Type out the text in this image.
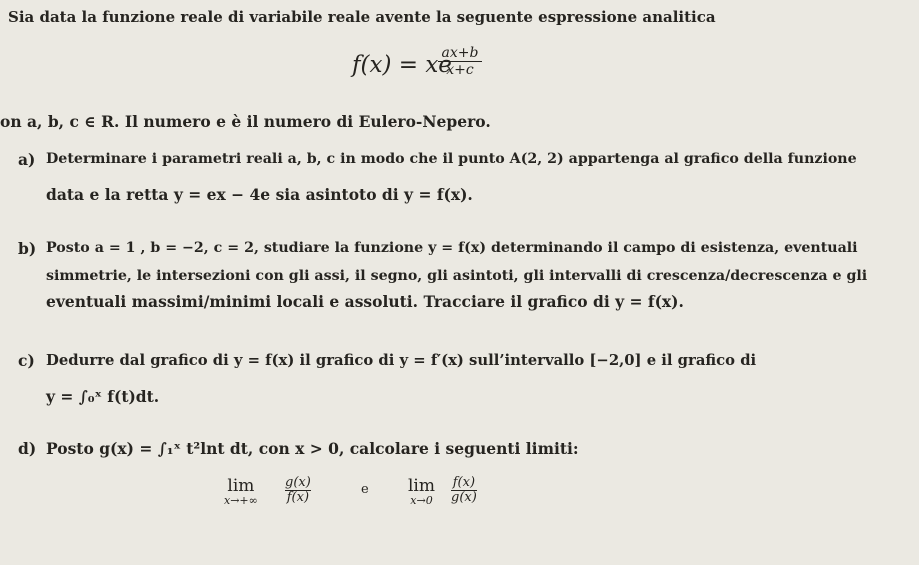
Sia data la funzione reale di variabile reale avente la seguente espressione analitica
f(x) = xe
ax+b
x+c
on a, b, c ∈ R. Il numero e è il numero di Eulero-Nepero.
a) Determinare i parametri reali a, b, c in modo che il punto A(2, 2) appartenga al grafico della funzione
data e la retta y = ex − 4e sia asintoto di y = f(x).
b) Posto a = 1 , b = −2, c = 2, studiare la funzione y = f(x) determinando il campo di esistenza, eventuali
simmetrie, le intersezioni con gli assi, il segno, gli asintoti, gli intervalli di crescenza/decrescenza e gli
eventuali massimi/minimi locali e assoluti. Tracciare il grafico di y = f(x).
c) Dedurre dal grafico di y = f(x) il grafico di y = f′(x) sull’intervallo [−2,0] e il grafico di
y = ∫₀ˣ f(t)dt.
d) Posto g(x) = ∫₁ˣ t²lnt dt, con x > 0, calcolare i seguenti limiti:
lim
x→+∞
g(x)
f(x)
e lim
x→0
f(x)
g(x)
